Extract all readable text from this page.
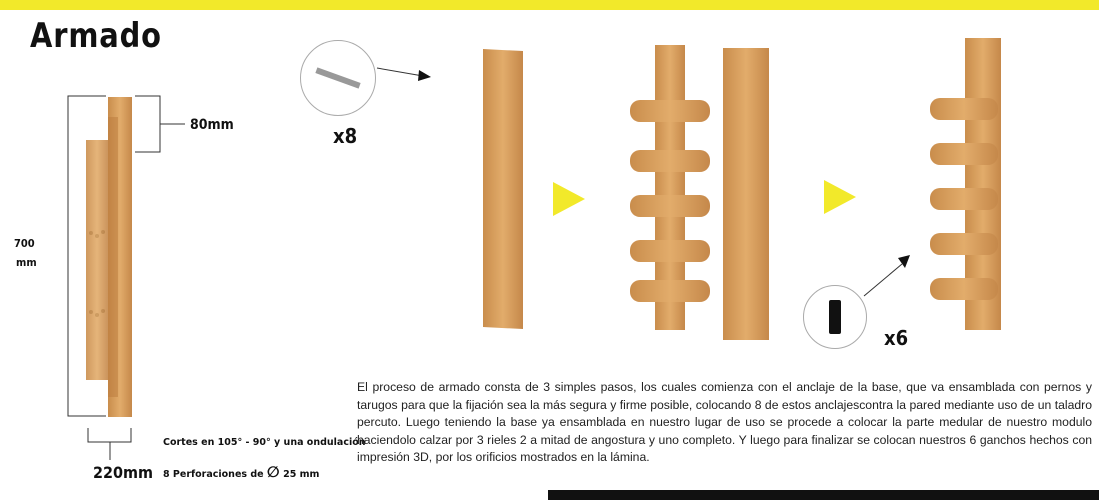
Armado
80mm
700
mm
220mm
Cortes en 105° - 90° y una ondulación
8 Perforaciones de ∅ 25 mm
x8
x6
El proceso de armado consta de 3 simples pasos, los cuales comienza con el anclaje de la base, que va ensamblada con pernos y tarugos para que la fijación sea la más segura y firme posible, colocando 8 de estos anclajescontra la pared mediante uso de un taladro percuto. Luego teniendo la base ya ensamblada en nuestro lugar de uso se procede a colocar la parte medular de nuestro modulo haciendolo calzar por 3 rieles 2 a mitad de angostura y uno completo. Y luego para finalizar se colocan nuestros 6 ganchos hechos con impresión 3D, por los orificios mostrados en la lámina.
